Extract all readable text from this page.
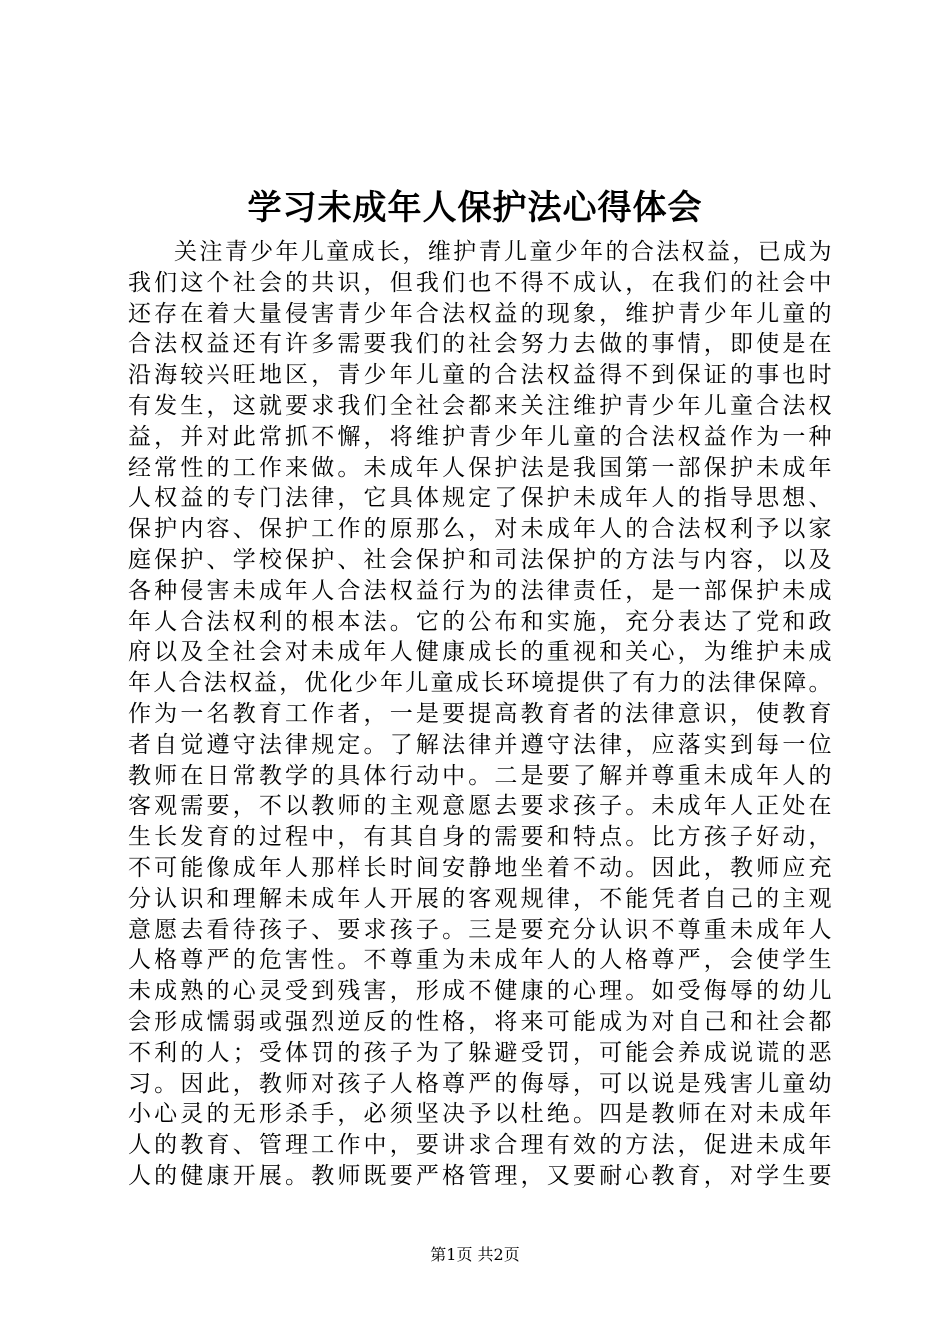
学习未成年人保护法心得体会
关注青少年儿童成长，维护青儿童少年的合法权益，已成为
我们这个社会的共识，但我们也不得不成认，在我们的社会中
还存在着大量侵害青少年合法权益的现象，维护青少年儿童的
合法权益还有许多需要我们的社会努力去做的事情，即使是在
沿海较兴旺地区，青少年儿童的合法权益得不到保证的事也时
有发生，这就要求我们全社会都来关注维护青少年儿童合法权
益，并对此常抓不懈，将维护青少年儿童的合法权益作为一种
经常性的工作来做。未成年人保护法是我国第一部保护未成年
人权益的专门法律，它具体规定了保护未成年人的指导思想、
保护内容、保护工作的原那么，对未成年人的合法权利予以家
庭保护、学校保护、社会保护和司法保护的方法与内容，以及
各种侵害未成年人合法权益行为的法律责任，是一部保护未成
年人合法权利的根本法。它的公布和实施，充分表达了党和政
府以及全社会对未成年人健康成长的重视和关心，为维护未成
年人合法权益，优化少年儿童成长环境提供了有力的法律保障。
作为一名教育工作者，一是要提高教育者的法律意识，使教育
者自觉遵守法律规定。了解法律并遵守法律，应落实到每一位
教师在日常教学的具体行动中。二是要了解并尊重未成年人的
客观需要，不以教师的主观意愿去要求孩子。未成年人正处在
生长发育的过程中，有其自身的需要和特点。比方孩子好动，
不可能像成年人那样长时间安静地坐着不动。因此，教师应充
分认识和理解未成年人开展的客观规律，不能凭者自己的主观
意愿去看待孩子、要求孩子。三是要充分认识不尊重未成年人
人格尊严的危害性。不尊重为未成年人的人格尊严，会使学生
未成熟的心灵受到残害，形成不健康的心理。如受侮辱的幼儿
会形成懦弱或强烈逆反的性格，将来可能成为对自己和社会都
不利的人；受体罚的孩子为了躲避受罚，可能会养成说谎的恶
习。因此，教师对孩子人格尊严的侮辱，可以说是残害儿童幼
小心灵的无形杀手，必须坚决予以杜绝。四是教师在对未成年
人的教育、管理工作中，要讲求合理有效的方法，促进未成年
人的健康开展。教师既要严格管理，又要耐心教育，对学生要
第1页 共2页
